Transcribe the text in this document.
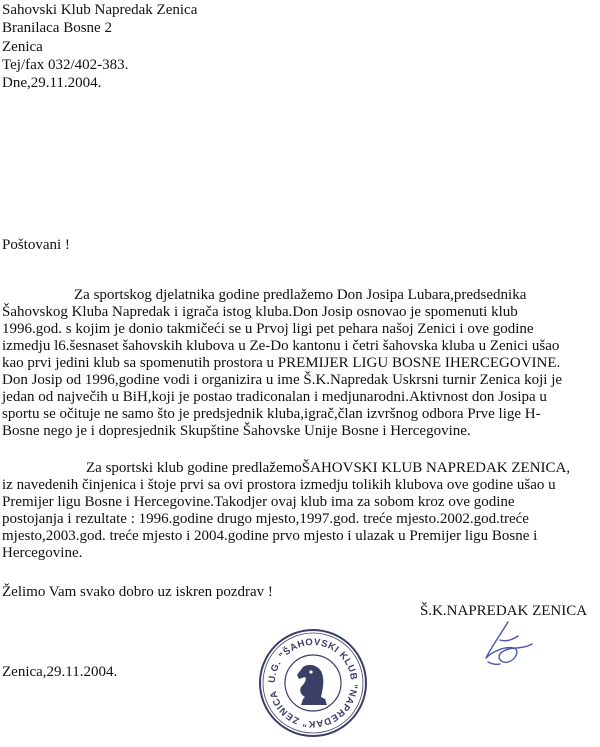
Sahovski Klub Napredak Zenica
Branilaca Bosne 2
Zenica
Tej/fax 032/402-383.
Dne,29.11.2004.
Poštovani !
Za sportskog djelatnika godine predlažemo Don Josipa Lubara,predsednika
Šahovskog Kluba Napredak i igrača istog kluba.Don Josip osnovao je spomenuti klub
1996.god. s kojim je donio takmičeći se u Prvoj ligi pet pehara našoj Zenici i ove godine
izmedju l6.šesnaset šahovskih klubova u Ze-Do kantonu i četri šahovska kluba u Zenici ušao
kao prvi jedini klub sa spomenutih prostora u PREMIJER LIGU BOSNE IHERCEGOVINE.
Don Josip od 1996,godine vodi i organizira u ime Š.K.Napredak Uskrsni turnir Zenica koji je
jedan od največih u BiH,koji je postao tradiconalan i medjunarodni.Aktivnost don Josipa u
sportu se očituje ne samo što je predsjednik kluba,igrač,član izvršnog odbora Prve lige H-
Bosne nego je i dopresjednik Skupštine Šahovske Unije Bosne i Hercegovine.
Za sportski klub godine predlažemoŠAHOVSKI KLUB NAPREDAK ZENICA,
iz navedenih činjenica i štoje prvi sa ovi prostora izmedju tolikih klubova ove godine ušao u
Premijer ligu Bosne i Hercegovine.Takodjer ovaj klub ima za sobom kroz ove godine
postojanja i rezultate : 1996.godine drugo mjesto,1997.god. treće mjesto.2002.god.treće
mjesto,2003.god. treće mjesto i 2004.godine prvo mjesto i ulazak u Premijer ligu Bosne i
Hercegovine.
Želimo Vam svako dobro uz iskren pozdrav !
Š.K.NAPREDAK ZENICA
Zenica,29.11.2004.	U.G. "ŠAHOVSKI KLUB "NAPREDAK" ZENICA
